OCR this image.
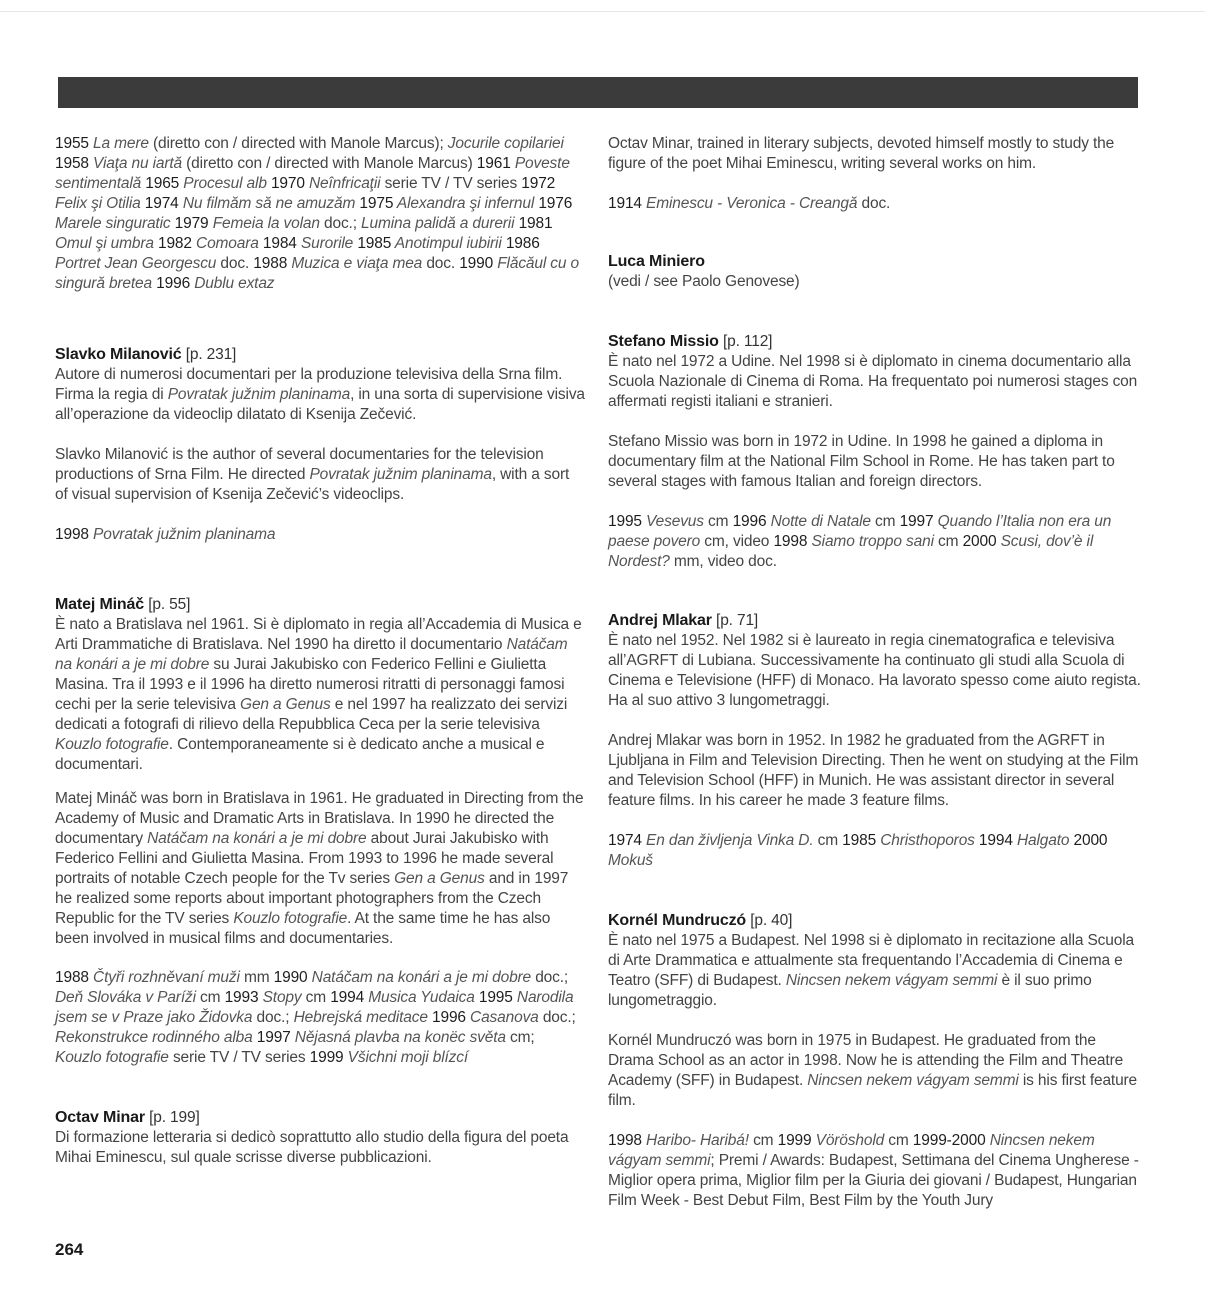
1955 La mere (diretto con / directed with Manole Marcus); Jocurile copilariei 1958 Viaţa nu iartă (diretto con / directed with Manole Marcus) 1961 Poveste sentimentală 1965 Procesul alb 1970 Neînfricaţii serie TV / TV series 1972 Felix şi Otilia 1974 Nu filmăm să ne amuzăm 1975 Alexandra şi infernul 1976 Marele singuratic 1979 Femeia la volan doc.; Lumina palidă a durerii 1981 Omul şi umbra 1982 Comoara 1984 Surorile 1985 Anotimpul iubirii 1986 Portret Jean Georgescu doc. 1988 Muzica e viaţa mea doc. 1990 Flăcăul cu o singură bretea 1996 Dublu extaz

Slavko Milanović [p. 231]

Autore di numerosi documentari per la produzione televisiva della Srna film. Firma la regia di Povratak južnim planinama, in una sorta di supervisione visiva all’operazione da videoclip dilatato di Ksenija Zečević.

Slavko Milanović is the author of several documentaries for the television productions of Srna Film. He directed Povratak južnim planinama, with a sort of visual supervision of Ksenija Zečević’s videoclips.

1998 Povratak južnim planinama

Matej Mináč [p. 55]

È nato a Bratislava nel 1961. Si è diplomato in regia all’Accademia di Musica e Arti Drammatiche di Bratislava. Nel 1990 ha diretto il documentario Natáčam na konári a je mi dobre su Jurai Jakubisko con Federico Fellini e Giulietta Masina. Tra il 1993 e il 1996 ha diretto numerosi ritratti di personaggi famosi cechi per la serie televisiva Gen a Genus e nel 1997 ha realizzato dei servizi dedicati a fotografi di rilievo della Repubblica Ceca per la serie televisiva Kouzlo fotografie. Contemporaneamente si è dedicato anche a musical e documentari.

Matej Mináč was born in Bratislava in 1961. He graduated in Directing from the Academy of Music and Dramatic Arts in Bratislava. In 1990 he directed the documentary Natáčam na konári a je mi dobre about Jurai Jakubisko with Federico Fellini and Giulietta Masina. From 1993 to 1996 he made several portraits of notable Czech people for the Tv series Gen a Genus and in 1997 he realized some reports about important photographers from the Czech Republic for the TV series Kouzlo fotografie. At the same time he has also been involved in musical films and documentaries.

1988 Čtyři rozhněvaní muži mm 1990 Natáčam na konári a je mi dobre doc.; Deň Slováka v Paríži cm 1993 Stopy cm 1994 Musica Yudaica 1995 Narodila jsem se v Praze jako Židovka doc.; Hebrejská meditace 1996 Casanova doc.; Rekonstrukce rodinného alba 1997 Nějasná plavba na konëc světa cm; Kouzlo fotografie serie TV / TV series 1999 Všichni moji blízcí

Octav Minar [p. 199]

Di formazione letteraria si dedicò soprattutto allo studio della figura del poeta Mihai Eminescu, sul quale scrisse diverse pubblicazioni.

Octav Minar, trained in literary subjects, devoted himself mostly to study the figure of the poet Mihai Eminescu, writing several works on him.

1914 Eminescu - Veronica - Creangă doc.

Luca Miniero

(vedi / see Paolo Genovese)

Stefano Missio [p. 112]

È nato nel 1972 a Udine. Nel 1998 si è diplomato in cinema documentario alla Scuola Nazionale di Cinema di Roma. Ha frequentato poi numerosi stages con affermati registi italiani e stranieri.

Stefano Missio was born in 1972 in Udine. In 1998 he gained a diploma in documentary film at the National Film School in Rome. He has taken part to several stages with famous Italian and foreign directors.

1995 Vesevus cm 1996 Notte di Natale cm 1997 Quando l’Italia non era un paese povero cm, video 1998 Siamo troppo sani cm 2000 Scusi, dov’è il Nordest? mm, video doc.

Andrej Mlakar [p. 71]

È nato nel 1952. Nel 1982 si è laureato in regia cinematografica e televisiva all’AGRFT di Lubiana. Successivamente ha continuato gli studi alla Scuola di Cinema e Televisione (HFF) di Monaco. Ha lavorato spesso come aiuto regista. Ha al suo attivo 3 lungometraggi.

Andrej Mlakar was born in 1952. In 1982 he graduated from the AGRFT in Ljubljana in Film and Television Directing. Then he went on studying at the Film and Television School (HFF) in Munich. He was assistant director in several feature films. In his career he made 3 feature films.

1974 En dan življenja Vinka D. cm 1985 Christhoporos 1994 Halgato 2000 Mokuš

Kornél Mundruczó [p. 40]

È nato nel 1975 a Budapest. Nel 1998 si è diplomato in recitazione alla Scuola di Arte Drammatica e attualmente sta frequentando l’Accademia di Cinema e Teatro (SFF) di Budapest. Nincsen nekem vágyam semmi è il suo primo lungometraggio.

Kornél Mundruczó was born in 1975 in Budapest. He graduated from the Drama School as an actor in 1998. Now he is attending the Film and Theatre Academy (SFF) in Budapest. Nincsen nekem vágyam semmi is his first feature film.

1998 Haribo- Haribá! cm 1999 Vöröshold cm 1999-2000 Nincsen nekem vágyam semmi; Premi / Awards: Budapest, Settimana del Cinema Ungherese - Miglior opera prima, Miglior film per la Giuria dei giovani / Budapest, Hungarian Film Week - Best Debut Film, Best Film by the Youth Jury

264
